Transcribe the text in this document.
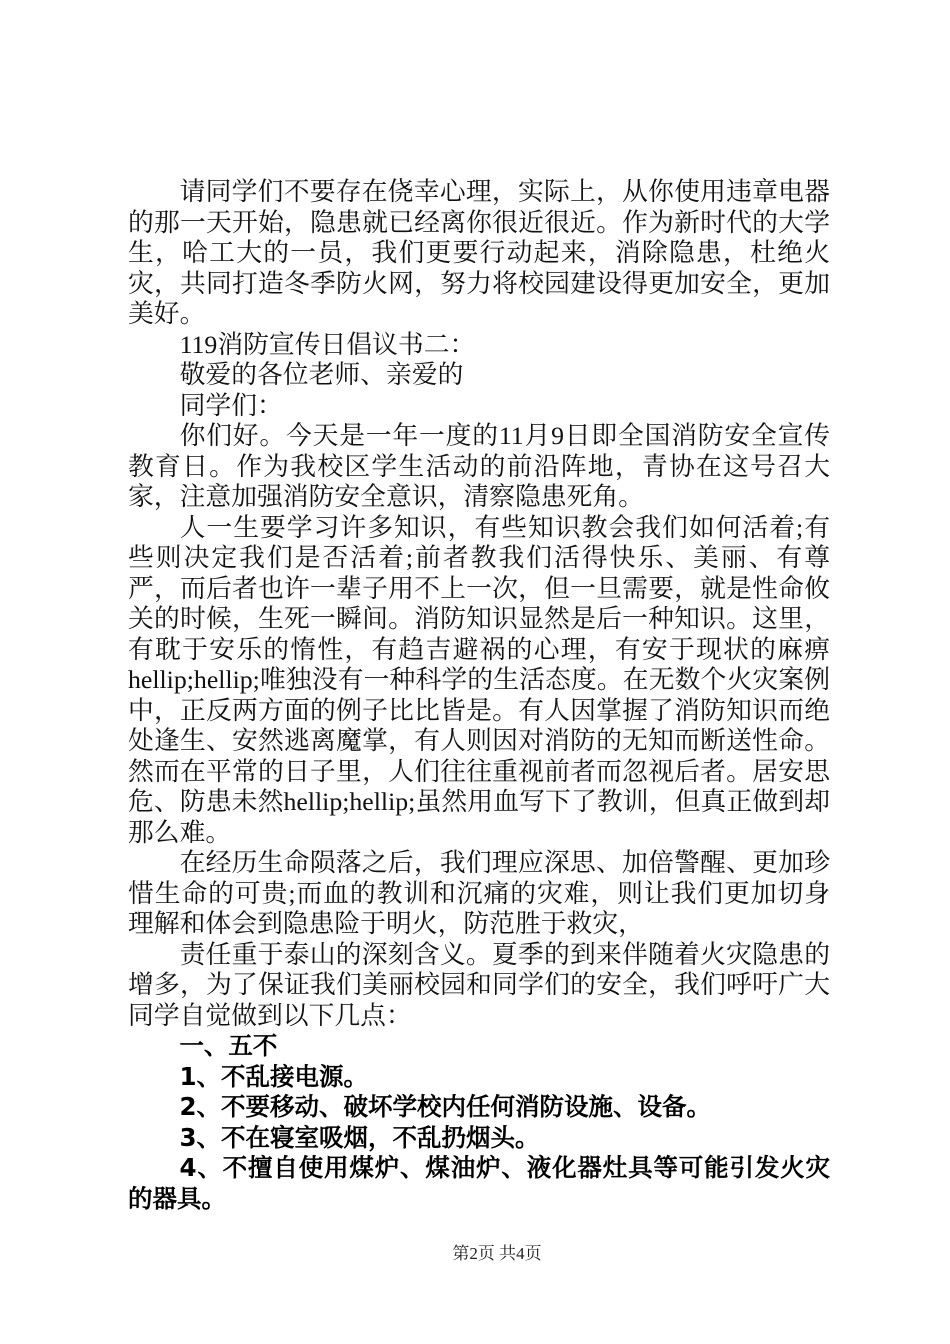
请同学们不要存在侥幸心理，实际上，从你使用违章电器的那一天开始，隐患就已经离你很近很近。作为新时代的大学生，哈工大的一员，我们更要行动起来，消除隐患，杜绝火灾，共同打造冬季防火网，努力将校园建设得更加安全，更加美好。

119消防宣传日倡议书二：

敬爱的各位老师、亲爱的

同学们：

你们好。今天是一年一度的11月9日即全国消防安全宣传教育日。作为我校区学生活动的前沿阵地，青协在这号召大家，注意加强消防安全意识，清察隐患死角。

人一生要学习许多知识，有些知识教会我们如何活着;有些则决定我们是否活着;前者教我们活得快乐、美丽、有尊严，而后者也许一辈子用不上一次，但一旦需要，就是性命攸关的时候，生死一瞬间。消防知识显然是后一种知识。这里，有耽于安乐的惰性，有趋吉避祸的心理，有安于现状的麻痹hellip;hellip;唯独没有一种科学的生活态度。在无数个火灾案例中，正反两方面的例子比比皆是。有人因掌握了消防知识而绝处逢生、安然逃离魔掌，有人则因对消防的无知而断送性命。然而在平常的日子里，人们往往重视前者而忽视后者。居安思危、防患未然hellip;hellip;虽然用血写下了教训，但真正做到却那么难。

在经历生命陨落之后，我们理应深思、加倍警醒、更加珍惜生命的可贵;而血的教训和沉痛的灾难，则让我们更加切身理解和体会到隐患险于明火，防范胜于救灾，

责任重于泰山的深刻含义。夏季的到来伴随着火灾隐患的增多，为了保证我们美丽校园和同学们的安全，我们呼吁广大同学自觉做到以下几点：

一、五不

1、不乱接电源。

2、不要移动、破坏学校内任何消防设施、设备。

3、不在寝室吸烟，不乱扔烟头。

4、不擅自使用煤炉、煤油炉、液化器灶具等可能引发火灾的器具。

第2页 共4页
